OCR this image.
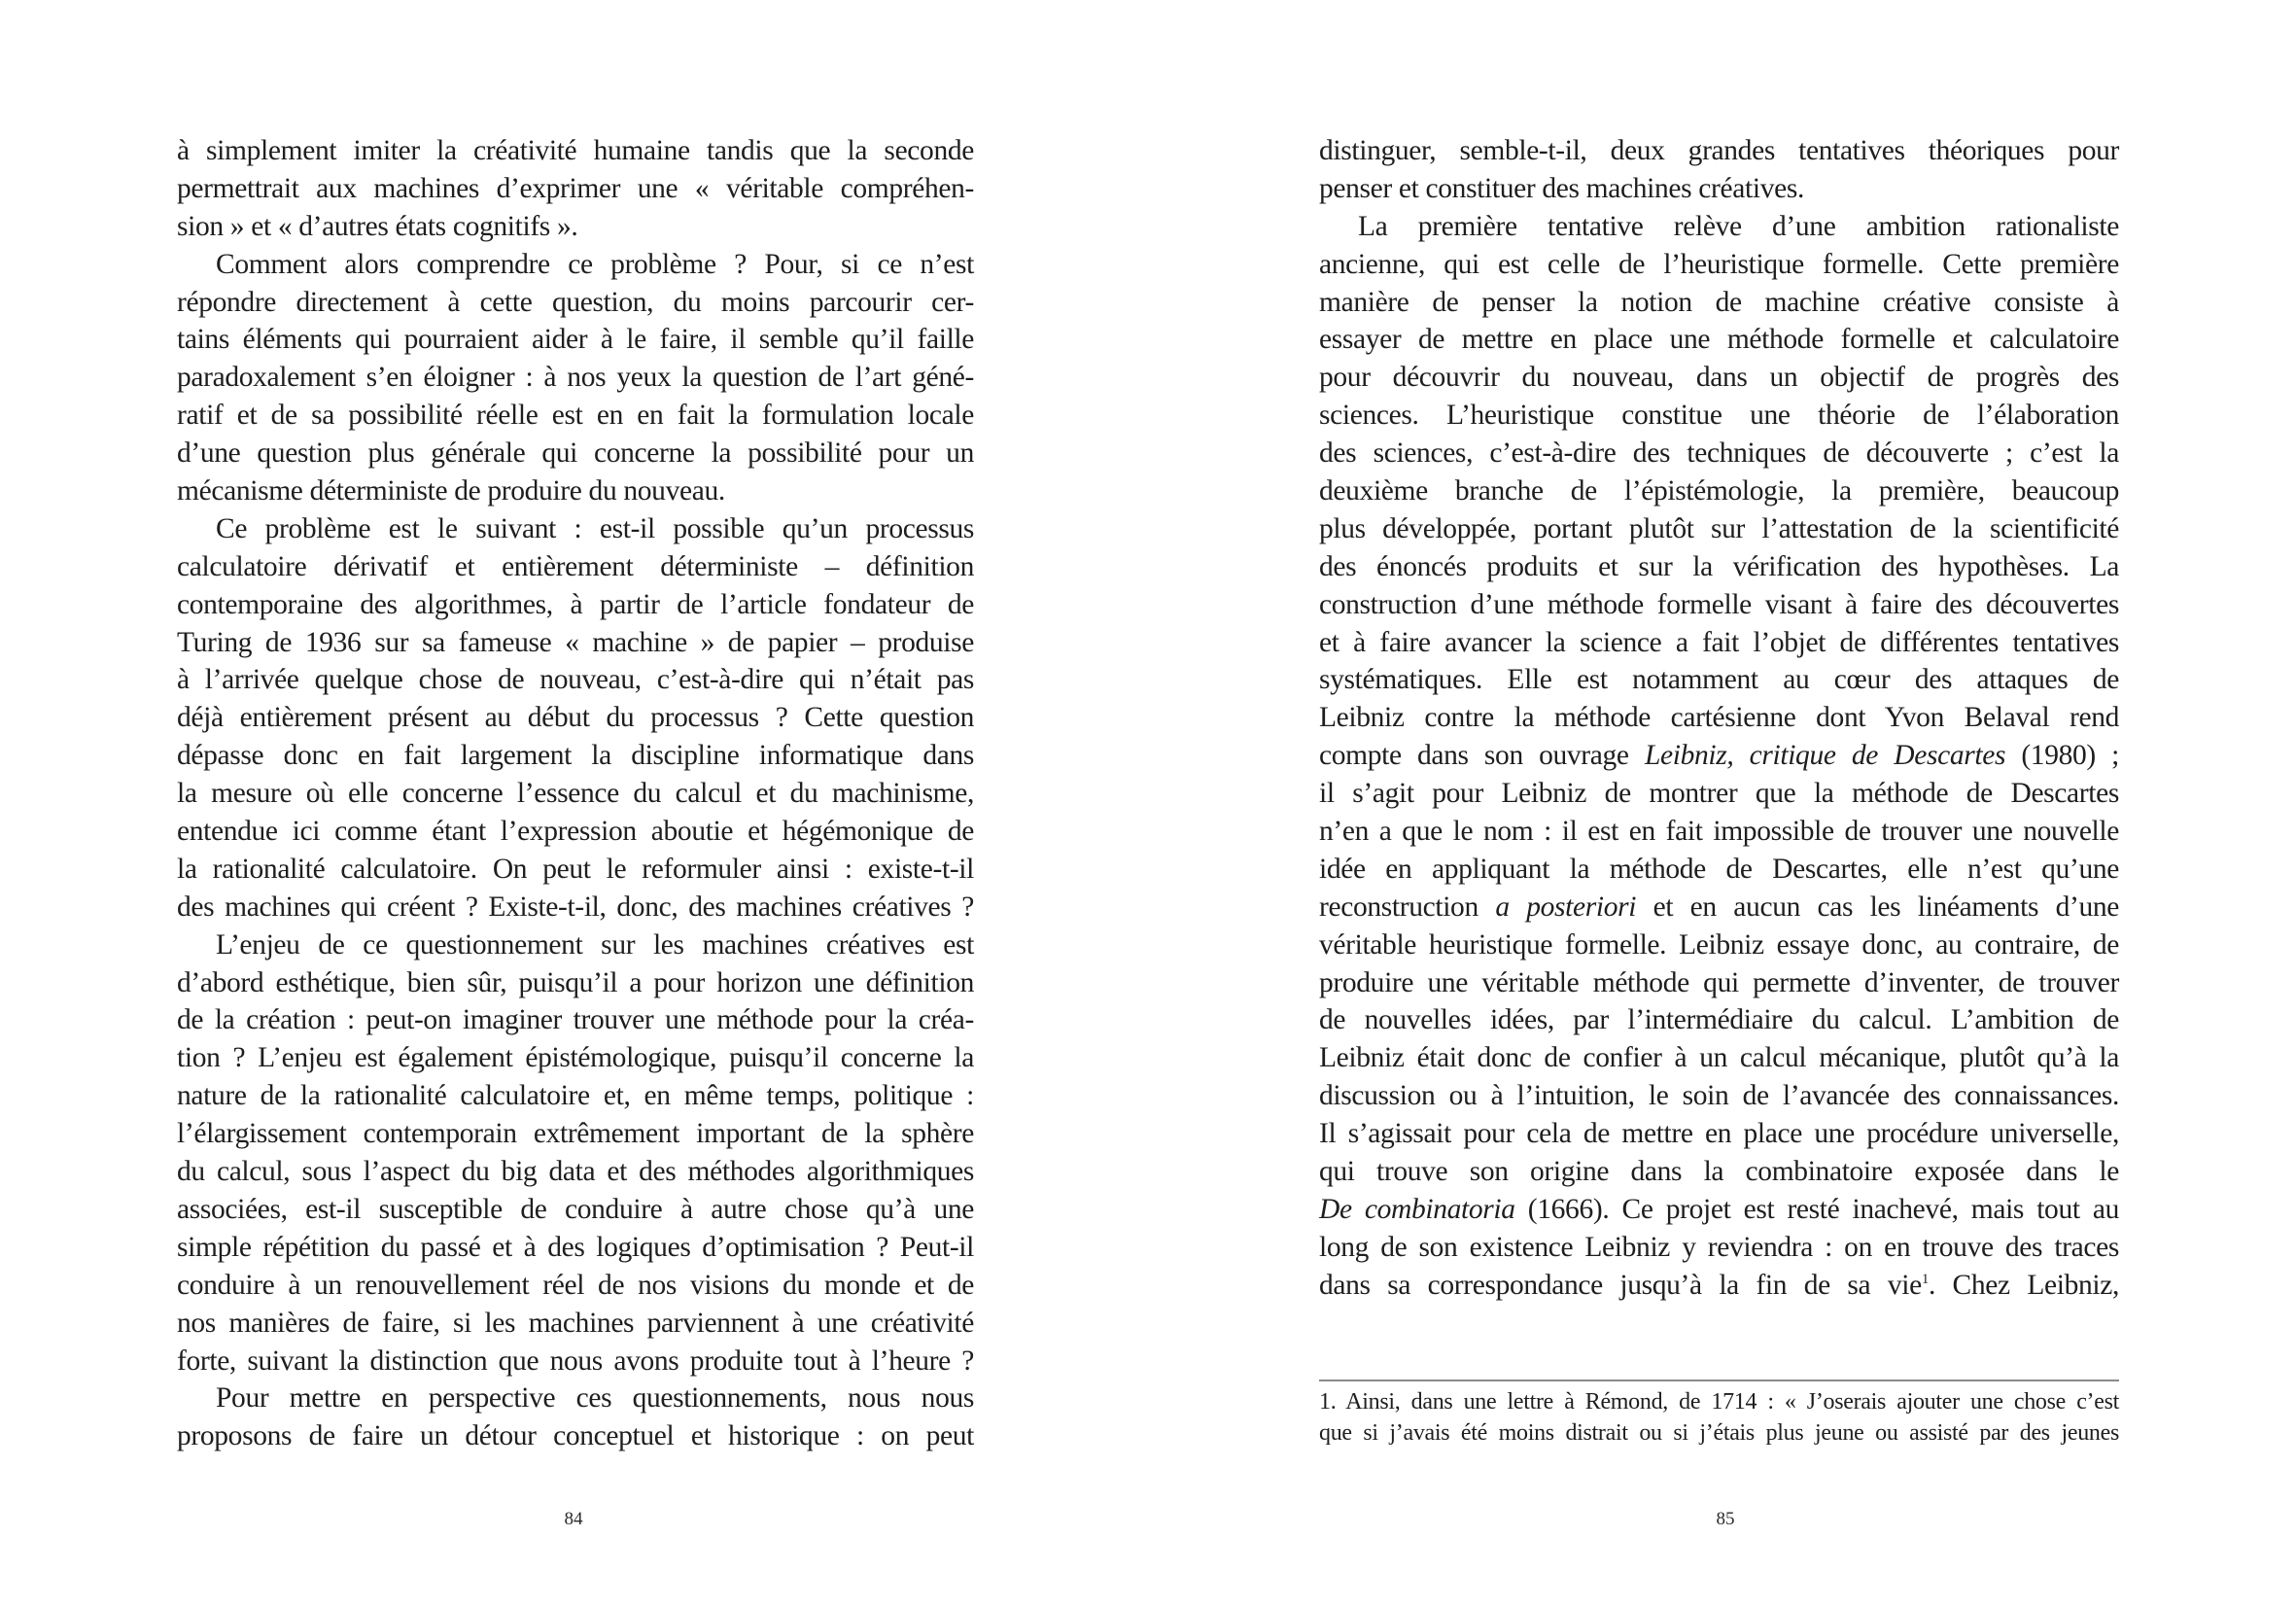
à simplement imiter la créativité humaine tandis que la seconde
permettrait aux machines d’exprimer une « véritable compréhen-
sion » et « d’autres états cognitifs ».
Comment alors comprendre ce problème ? Pour, si ce n’est
répondre directement à cette question, du moins parcourir cer-
tains éléments qui pourraient aider à le faire, il semble qu’il faille
paradoxalement s’en éloigner : à nos yeux la question de l’art géné-
ratif et de sa possibilité réelle est en en fait la formulation locale
d’une question plus générale qui concerne la possibilité pour un
mécanisme déterministe de produire du nouveau.
Ce problème est le suivant : est-il possible qu’un processus
calculatoire dérivatif et entièrement déterministe – définition
contemporaine des algorithmes, à partir de l’article fondateur de
Turing de 1936 sur sa fameuse « machine » de papier – produise
à l’arrivée quelque chose de nouveau, c’est-à-dire qui n’était pas
déjà entièrement présent au début du processus ? Cette question
dépasse donc en fait largement la discipline informatique dans
la mesure où elle concerne l’essence du calcul et du machinisme,
entendue ici comme étant l’expression aboutie et hégémonique de
la rationalité calculatoire. On peut le reformuler ainsi : existe-t-il
des machines qui créent ? Existe-t-il, donc, des machines créatives ?
L’enjeu de ce questionnement sur les machines créatives est
d’abord esthétique, bien sûr, puisqu’il a pour horizon une définition
de la création : peut-on imaginer trouver une méthode pour la créa-
tion ? L’enjeu est également épistémologique, puisqu’il concerne la
nature de la rationalité calculatoire et, en même temps, politique :
l’élargissement contemporain extrêmement important de la sphère
du calcul, sous l’aspect du big data et des méthodes algorithmiques
associées, est-il susceptible de conduire à autre chose qu’à une
simple répétition du passé et à des logiques d’optimisation ? Peut-il
conduire à un renouvellement réel de nos visions du monde et de
nos manières de faire, si les machines parviennent à une créativité
forte, suivant la distinction que nous avons produite tout à l’heure ?
Pour mettre en perspective ces questionnements, nous nous
proposons de faire un détour conceptuel et historique : on peut
84
distinguer, semble-t-il, deux grandes tentatives théoriques pour
penser et constituer des machines créatives.
La première tentative relève d’une ambition rationaliste
ancienne, qui est celle de l’heuristique formelle. Cette première
manière de penser la notion de machine créative consiste à
essayer de mettre en place une méthode formelle et calculatoire
pour découvrir du nouveau, dans un objectif de progrès des
sciences. L’heuristique constitue une théorie de l’élaboration
des sciences, c’est-à-dire des techniques de découverte ; c’est la
deuxième branche de l’épistémologie, la première, beaucoup
plus développée, portant plutôt sur l’attestation de la scientificité
des énoncés produits et sur la vérification des hypothèses. La
construction d’une méthode formelle visant à faire des découvertes
et à faire avancer la science a fait l’objet de différentes tentatives
systématiques. Elle est notamment au cœur des attaques de
Leibniz contre la méthode cartésienne dont Yvon Belaval rend
compte dans son ouvrage Leibniz, critique de Descartes (1980) ;
il s’agit pour Leibniz de montrer que la méthode de Descartes
n’en a que le nom : il est en fait impossible de trouver une nouvelle
idée en appliquant la méthode de Descartes, elle n’est qu’une
reconstruction a posteriori et en aucun cas les linéaments d’une
véritable heuristique formelle. Leibniz essaye donc, au contraire, de
produire une véritable méthode qui permette d’inventer, de trouver
de nouvelles idées, par l’intermédiaire du calcul. L’ambition de
Leibniz était donc de confier à un calcul mécanique, plutôt qu’à la
discussion ou à l’intuition, le soin de l’avancée des connaissances.
Il s’agissait pour cela de mettre en place une procédure universelle,
qui trouve son origine dans la combinatoire exposée dans le
De combinatoria (1666). Ce projet est resté inachevé, mais tout au
long de son existence Leibniz y reviendra : on en trouve des traces
dans sa correspondance jusqu’à la fin de sa vie$^1$. Chez Leibniz,
1. Ainsi, dans une lettre à Rémond, de 1714 : « J’oserais ajouter une chose c’est
que si j’avais été moins distrait ou si j’étais plus jeune ou assisté par des jeunes
85
